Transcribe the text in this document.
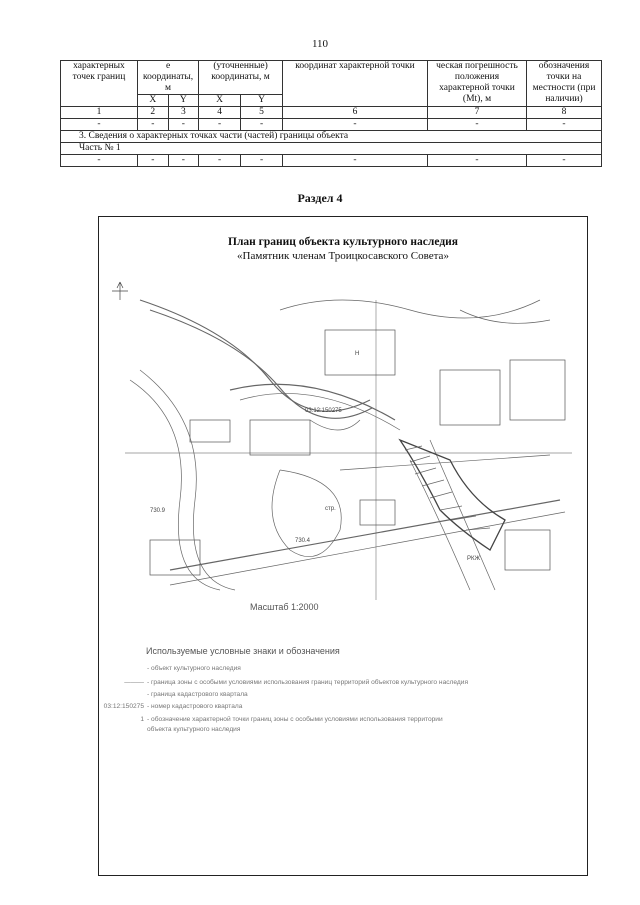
110
характерных точек границ	е координаты, м		(уточненные) координаты, м		координат характерной точки	ческая погрешность положения характерной точки (Mt), м	обозначения точки на местности (при наличии)
	X	Y	X	Y			
1	2	3	4	5	6	7	8
-	-	-	-	-	-	-	-
3. Сведения о характерных точках части (частей) границы объекта							
Часть № 1							
-	-	-	-	-	-	-	-
Раздел 4
План границ объекта культурного наследия
«Памятник членам Троицкосавского Совета»
03:12:150275
стр.
730.4
730.9
РКЖ
Н
Масштаб 1:2000
Используемые условные знаки и обозначения
- объект культурного наследия
——— - граница зоны с особыми условиями использования границ территорий объектов культурного наследия
- граница кадастрового квартала
03:12:150275 - номер кадастрового квартала
1 - обозначение характерной точки границ зоны с особыми условиями использования территории
объекта культурного наследия
